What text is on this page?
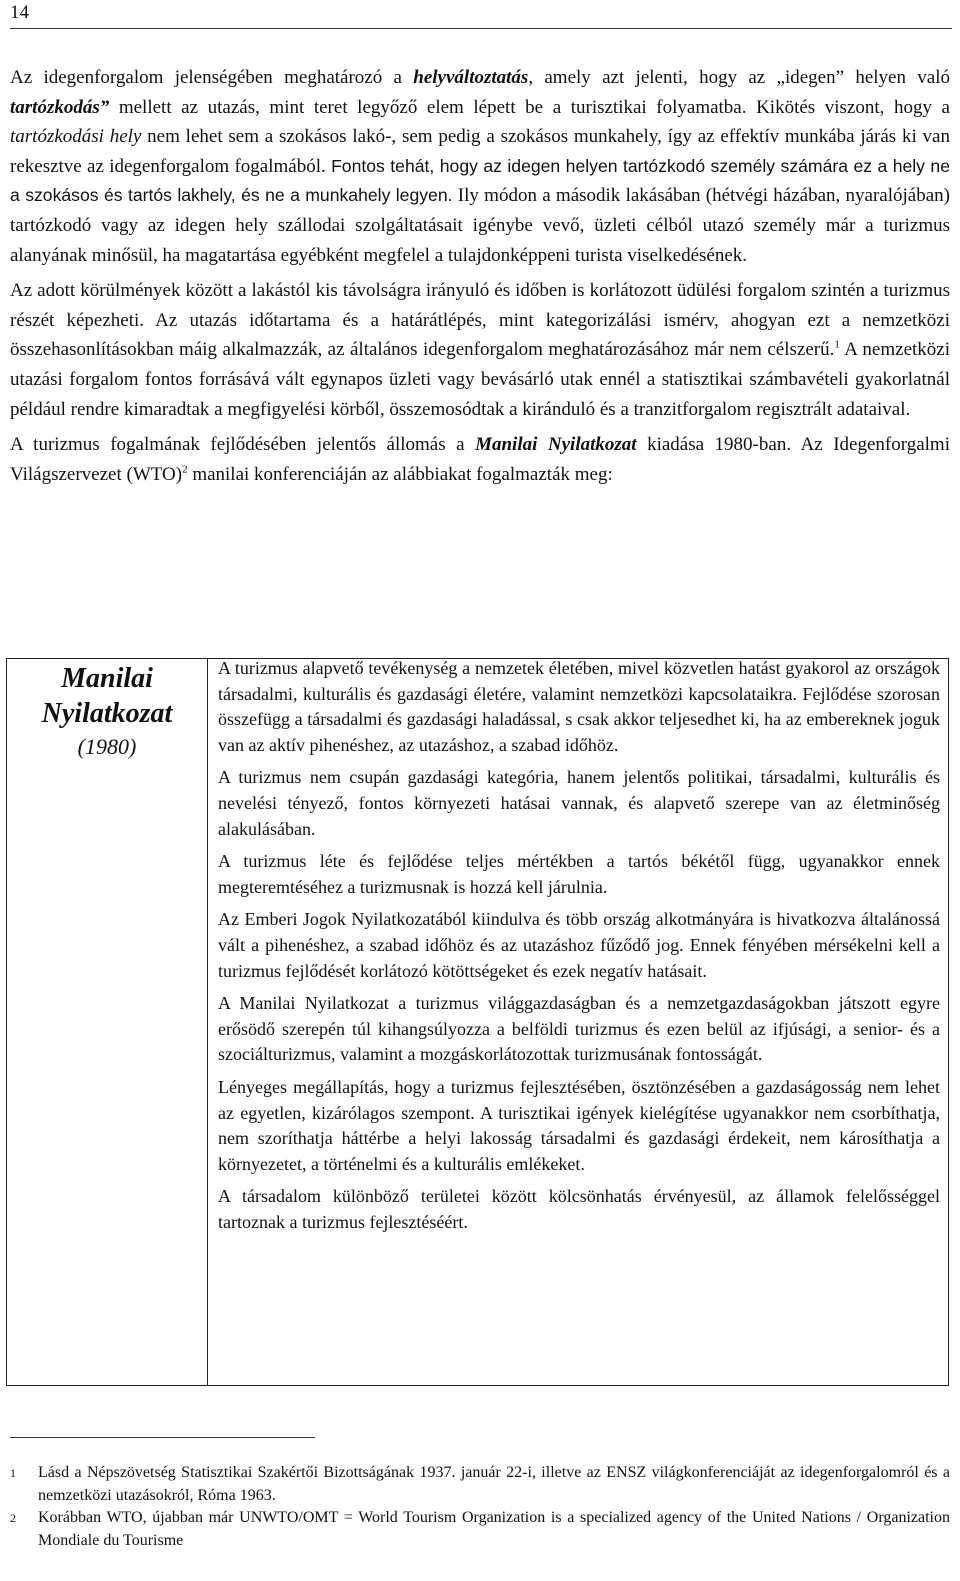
14

Az idegenforgalom jelenségében meghatározó a helyváltoztatás, amely azt jelenti, hogy az „idegen” helyen való tartózkodás” mellett az utazás, mint teret legyőző elem lépett be a turisztikai folyamatba. Kikötés viszont, hogy a tartózkodási hely nem lehet sem a szokásos lakó-, sem pedig a szokásos munkahely, így az effektív munkába járás ki van rekesztve az idegenforgalom fogalmából. Fontos tehát, hogy az idegen helyen tartózkodó személy számára ez a hely ne a szokásos és tartós lakhely, és ne a munkahely legyen. Ily módon a második lakásában (hétvégi házában, nyaralójában) tartózkodó vagy az idegen hely szállodai szolgáltatásait igénybe vevő, üzleti célból utazó személy már a turizmus alanyának minősül, ha magatartása egyébként megfelel a tulajdonképpeni turista viselkedésének.

Az adott körülmények között a lakástól kis távolságra irányuló és időben is korlátozott üdülési forgalom szintén a turizmus részét képezheti. Az utazás időtartama és a határátlépés, mint kategorizálási ismérv, ahogyan ezt a nemzetközi összehasonlításokban máig alkalmazzák, az általános idegenforgalom meghatározásához már nem célszerű.$^1$ A nemzetközi utazási forgalom fontos forrásává vált egynapos üzleti vagy bevásárló utak ennél a statisztikai számbavételi gyakorlatnál például rendre kimaradtak a megfigyelési körből, összemosódtak a kiránduló és a tranzitforgalom regisztrált adataival.

A turizmus fogalmának fejlődésében jelentős állomás a Manilai Nyilatkozat kiadása 1980-ban. Az Idegenforgalmi Világszervezet (WTO)$^2$ manilai konferenciáján az alábbiakat fogalmazták meg:

Manilai
Nyilatkozat
(1980)

A turizmus alapvető tevékenység a nemzetek életében, mivel közvetlen hatást gyakorol az országok társadalmi, kulturális és gazdasági életére, valamint nemzetközi kapcsolataikra. Fejlődése szorosan összefügg a társadalmi és gazdasági haladással, s csak akkor teljesedhet ki, ha az embereknek joguk van az aktív pihenéshez, az utazáshoz, a szabad időhöz.

A turizmus nem csupán gazdasági kategória, hanem jelentős politikai, társadalmi, kulturális és nevelési tényező, fontos környezeti hatásai vannak, és alapvető szerepe van az életminőség alakulásában.

A turizmus léte és fejlődése teljes mértékben a tartós békétől függ, ugyanakkor ennek megteremtéséhez a turizmusnak is hozzá kell járulnia.

Az Emberi Jogok Nyilatkozatából kiindulva és több ország alkotmányára is hivatkozva általánossá vált a pihenéshez, a szabad időhöz és az utazáshoz fűződő jog. Ennek fényében mérsékelni kell a turizmus fejlődését korlátozó kötöttségeket és ezek negatív hatásait.

A Manilai Nyilatkozat a turizmus világgazdaságban és a nemzetgazdaságokban játszott egyre erősödő szerepén túl kihangsúlyozza a belföldi turizmus és ezen belül az ifjúsági, a senior- és a szociálturizmus, valamint a mozgáskorlátozottak turizmusának fontosságát.

Lényeges megállapítás, hogy a turizmus fejlesztésében, ösztönzésében a gazdaságosság nem lehet az egyetlen, kizárólagos szempont. A turisztikai igények kielégítése ugyanakkor nem csorbíthatja, nem szoríthatja háttérbe a helyi lakosság társadalmi és gazdasági érdekeit, nem károsíthatja a környezetet, a történelmi és a kulturális emlékeket.

A társadalom különböző területei között kölcsönhatás érvényesül, az államok felelősséggel tartoznak a turizmus fejlesztéséért.

1	Lásd a Népszövetség Statisztikai Szakértői Bizottságának 1937. január 22-i, illetve az ENSZ világkonferenciáját az idegenforgalomról és a nemzetközi utazásokról, Róma 1963.
2	Korábban WTO, újabban már UNWTO/OMT = World Tourism Organization is a specialized agency of the United Nations / Organization Mondiale du Tourisme
